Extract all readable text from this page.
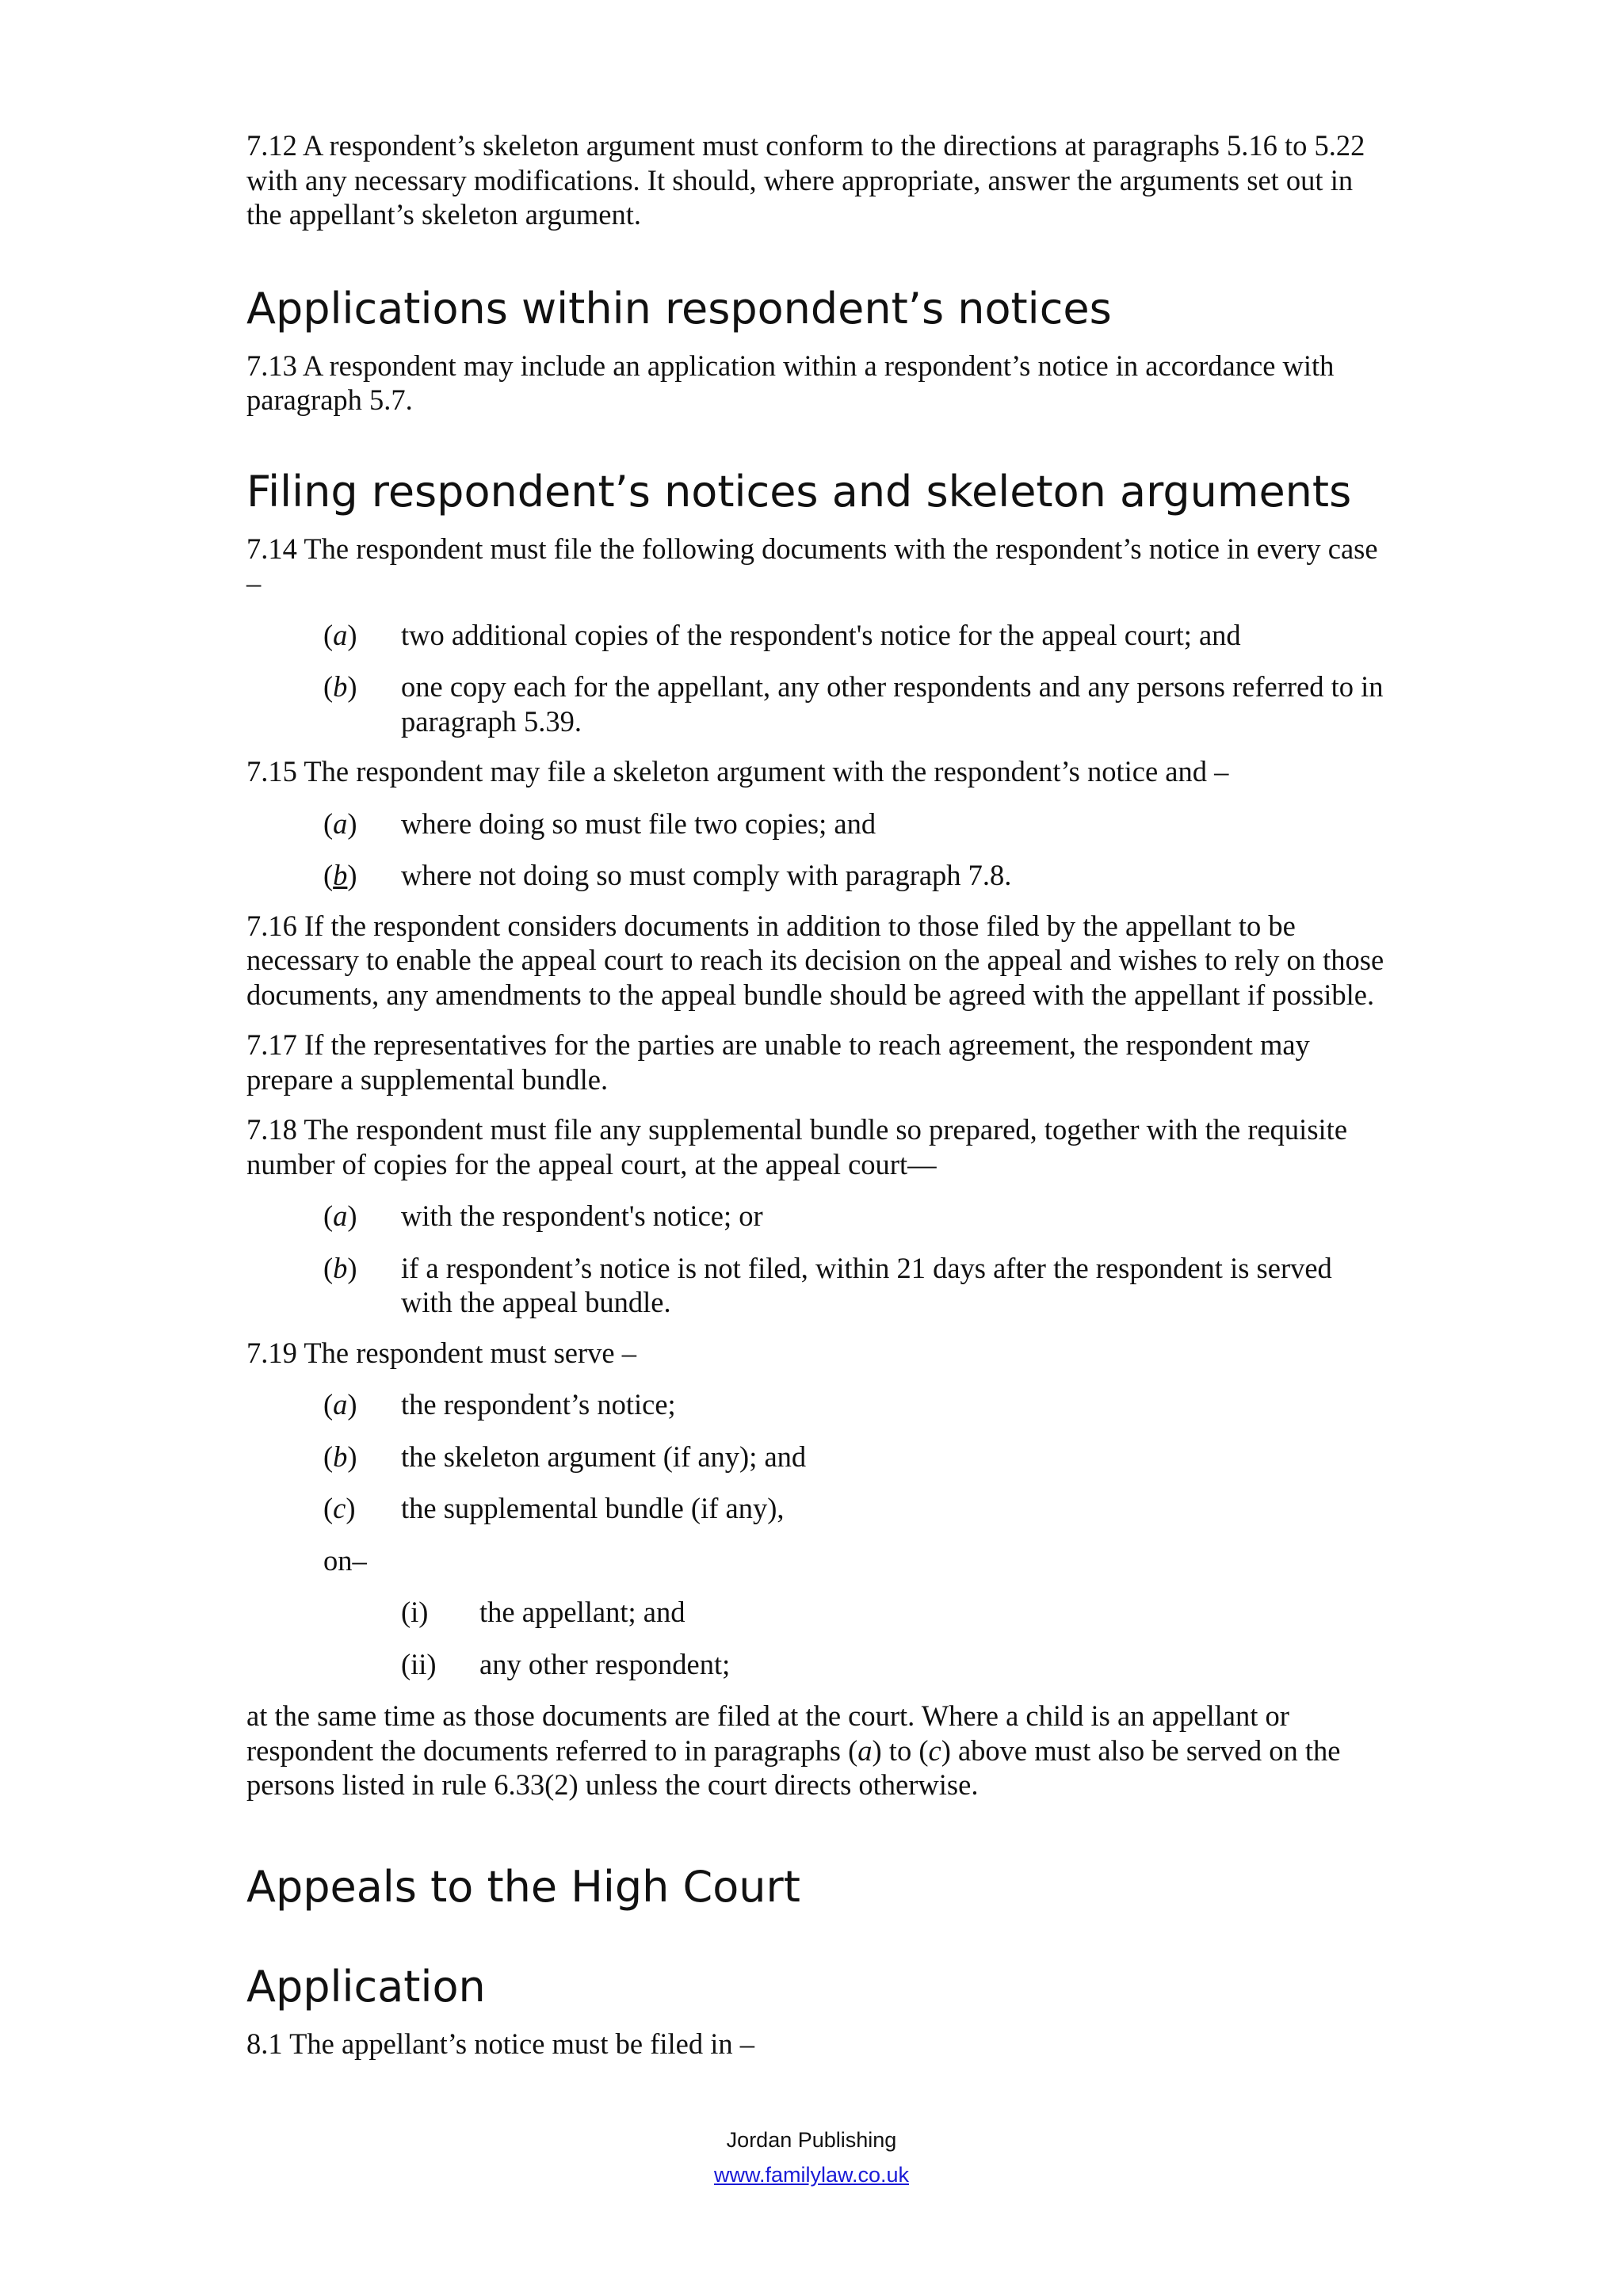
7.12 A respondent’s skeleton argument must conform to the directions at paragraphs 5.16 to 5.22 with any necessary modifications. It should, where appropriate, answer the arguments set out in the appellant’s skeleton argument.

Applications within respondent’s notices

7.13 A respondent may include an application within a respondent’s notice in accordance with paragraph 5.7.

Filing respondent’s notices and skeleton arguments

7.14 The respondent must file the following documents with the respondent’s notice in every case –

(a) two additional copies of the respondent's notice for the appeal court; and
(b) one copy each for the appellant, any other respondents and any persons referred to in paragraph 5.39.

7.15 The respondent may file a skeleton argument with the respondent’s notice and –

(a) where doing so must file two copies; and
(b) where not doing so must comply with paragraph 7.8.

7.16 If the respondent considers documents in addition to those filed by the appellant to be necessary to enable the appeal court to reach its decision on the appeal and wishes to rely on those documents, any amendments to the appeal bundle should be agreed with the appellant if possible.

7.17 If the representatives for the parties are unable to reach agreement, the respondent may prepare a supplemental bundle.

7.18 The respondent must file any supplemental bundle so prepared, together with the requisite number of copies for the appeal court, at the appeal court—

(a) with the respondent's notice; or
(b) if a respondent’s notice is not filed, within 21 days after the respondent is served with the appeal bundle.

7.19 The respondent must serve –

(a) the respondent’s notice;
(b) the skeleton argument (if any); and
(c) the supplemental bundle (if any),

on–

(i) the appellant; and
(ii) any other respondent;

at the same time as those documents are filed at the court. Where a child is an appellant or respondent the documents referred to in paragraphs (a) to (c) above must also be served on the persons listed in rule 6.33(2) unless the court directs otherwise.

Appeals to the High Court
Application

8.1 The appellant’s notice must be filed in –

Jordan Publishing
www.familylaw.co.uk
